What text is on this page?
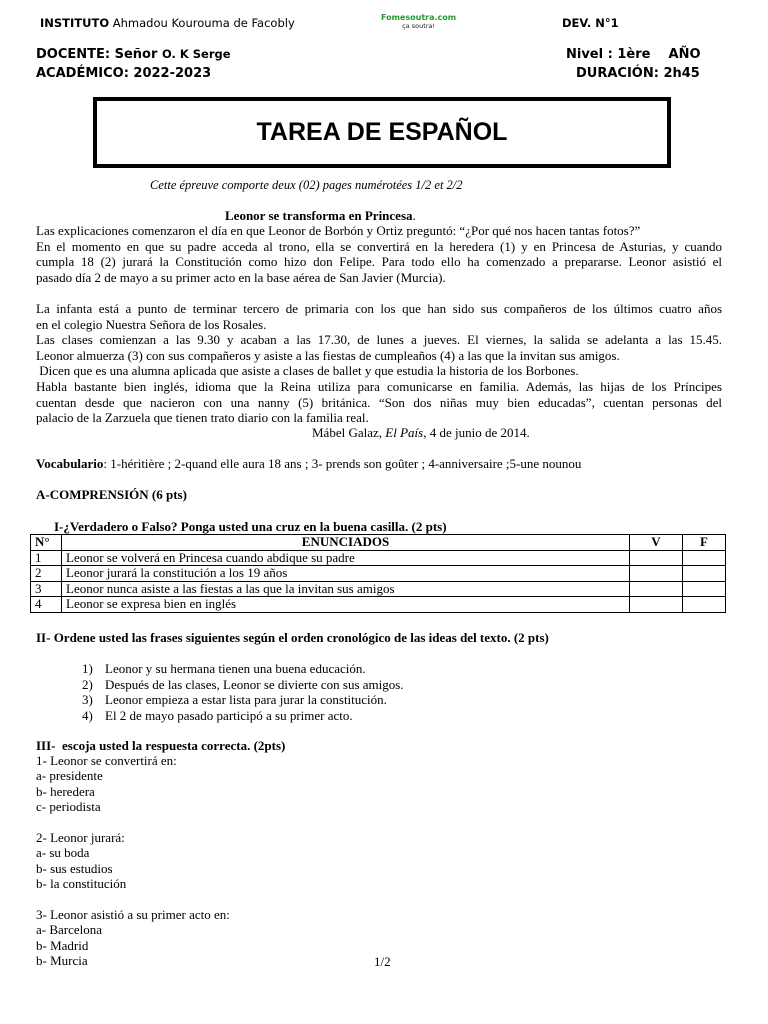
INSTITUTO Ahmadou Kourouma de Facobly	Fomesoutra.com
ça soutra!	DEV. N°1
DOCENTE: Señor O. K Serge	Nivel : 1ère    AÑO
ACADÉMICO: 2022-2023	DURACIÓN: 2h45
TAREA DE ESPAÑOL
Cette épreuve comporte deux (02) pages numérotées 1/2 et 2/2
Leonor se transforma en Princesa.
Las explicaciones comenzaron el día en que Leonor de Borbón y Ortiz preguntó: “¿Por qué nos hacen tantas fotos?”
En el momento en que su padre acceda al trono, ella se convertirá en la heredera (1) y en Princesa de Asturias, y cuando
cumpla 18 (2) jurará la Constitución como hizo don Felipe. Para todo ello ha comenzado a prepararse. Leonor asistió el
pasado día 2 de mayo a su primer acto en la base aérea de San Javier (Murcia).
La infanta está a punto de terminar tercero de primaria con los que han sido sus compañeros de los últimos cuatro años
en el colegio Nuestra Señora de los Rosales.
Las clases comienzan a las 9.30 y acaban a las 17.30, de lunes a jueves. El viernes, la salida se adelanta a las 15.45.
Leonor almuerza (3) con sus compañeros y asiste a las fiestas de cumpleaños (4) a las que la invitan sus amigos.
Dicen que es una alumna aplicada que asiste a clases de ballet y que estudia la historia de los Borbones.
Habla bastante bien inglés, idioma que la Reina utiliza para comunicarse en familia. Además, las hijas de los Príncipes
cuentan desde que nacieron con una nanny (5) británica. “Son dos niñas muy bien educadas”, cuentan personas del
palacio de la Zarzuela que tienen trato diario con la familia real.
Mábel Galaz, El País, 4 de junio de 2014.
Vocabulario: 1-héritière ; 2-quand elle aura 18 ans ; 3- prends son goûter ; 4-anniversaire ;5-une nounou
A-COMPRENSIÓN (6 pts)
I-¿Verdadero o Falso? Ponga usted una cruz en la buena casilla. (2 pts)
N°	ENUNCIADOS	V	F
1	Leonor se volverá en Princesa cuando abdique su padre		
2	Leonor jurará la constitución a los 19 años		
3	Leonor nunca asiste a las fiestas a las que la invitan sus amigos		
4	Leonor se expresa bien en inglés		
II- Ordene usted las frases siguientes según el orden cronológico de las ideas del texto. (2 pts)
1) Leonor y su hermana tienen una buena educación.
2) Después de las clases, Leonor se divierte con sus amigos.
3) Leonor empieza a estar lista para jurar la constitución.
4) El 2 de mayo pasado participó a su primer acto.
III-  escoja usted la respuesta correcta. (2pts)
1- Leonor se convertirá en:
a- presidente
b- heredera
c- periodista
2- Leonor jurará:
a- su boda
b- sus estudios
b- la constitución
3- Leonor asistió a su primer acto en:
a- Barcelona
b- Madrid
b- Murcia	1/2
